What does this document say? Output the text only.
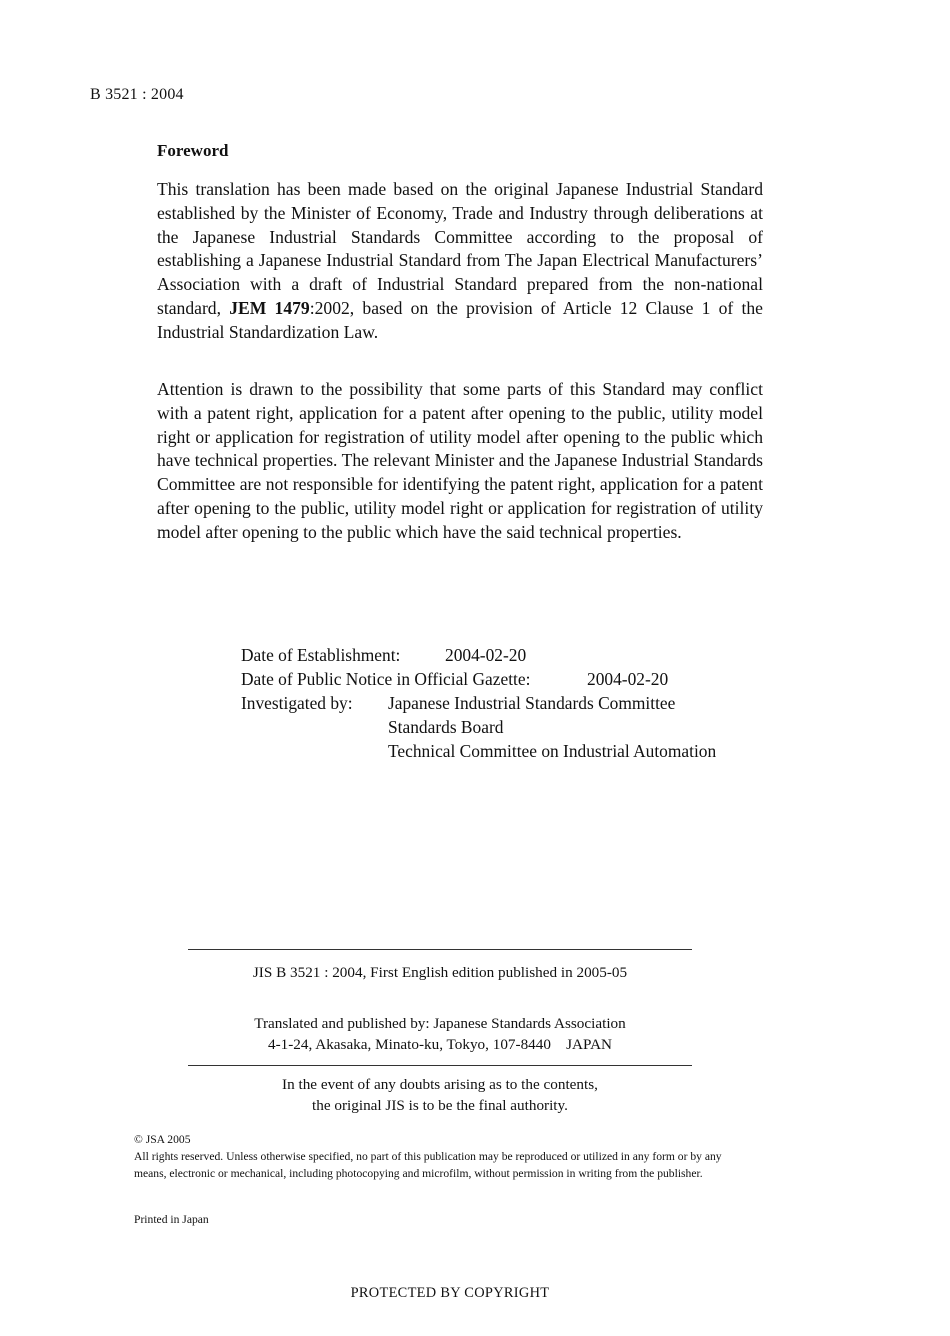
B 3521 : 2004
Foreword

This translation has been made based on the original Japanese Industrial Standard established by the Minister of Economy, Trade and Industry through deliberations at the Japanese Industrial Standards Committee according to the proposal of establishing a Japanese Industrial Standard from The Japan Electrical Manufacturers’ Association with a draft of Industrial Standard prepared from the non-national standard, JEM 1479:2002, based on the provision of Article 12 Clause 1 of the Industrial Standardization Law.

Attention is drawn to the possibility that some parts of this Standard may conflict with a patent right, application for a patent after opening to the public, utility model right or application for registration of utility model after opening to the public which have technical properties. The relevant Minister and the Japanese Industrial Standards Committee are not responsible for identifying the patent right, application for a patent after opening to the public, utility model right or application for registration of utility model after opening to the public which have the said technical properties.

Date of Establishment:	2004-02-20
Date of Public Notice in Official Gazette:	2004-02-20
Investigated by: Japanese Industrial Standards Committee
Standards Board
Technical Committee on Industrial Automation
JIS B 3521 : 2004, First English edition published in 2005-05
Translated and published by: Japanese Standards Association
4-1-24, Akasaka, Minato-ku, Tokyo, 107-8440    JAPAN
In the event of any doubts arising as to the contents,
the original JIS is to be the final authority.
© JSA 2005
All rights reserved. Unless otherwise specified, no part of this publication may be reproduced or utilized in any form or by any means, electronic or mechanical, including photocopying and microfilm, without permission in writing from the publisher.
Printed in Japan
PROTECTED BY COPYRIGHT
